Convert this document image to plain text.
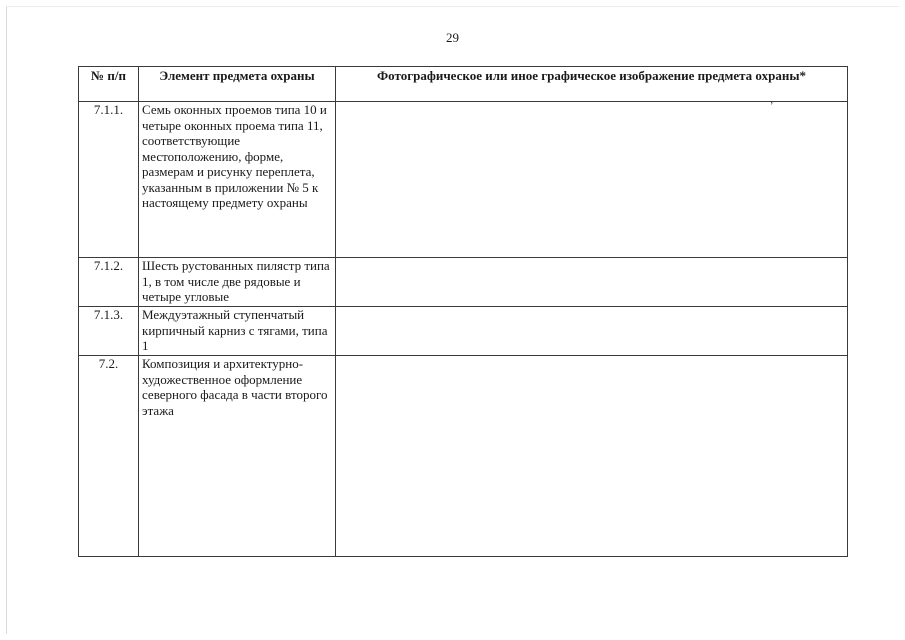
29
№ п/п	Элемент предмета охраны	Фотографическое или иное графическое изображение предмета охраны*
7.1.1.	Семь оконных проемов типа 10 и четыре оконных проема типа 11, соответствующие местоположению, форме, размерам и рисунку переплета, указанным в приложении № 5 к настоящему предмету охраны	
7.1.2.	Шесть рустованных пилястр типа 1, в том числе две рядовые и четыре угловые	
7.1.3.	Междуэтажный ступенчатый кирпичный карниз с тягами, типа 1	
7.2.	Композиция и архитектурно-художественное оформление северного фасада в части второго этажа	
’
